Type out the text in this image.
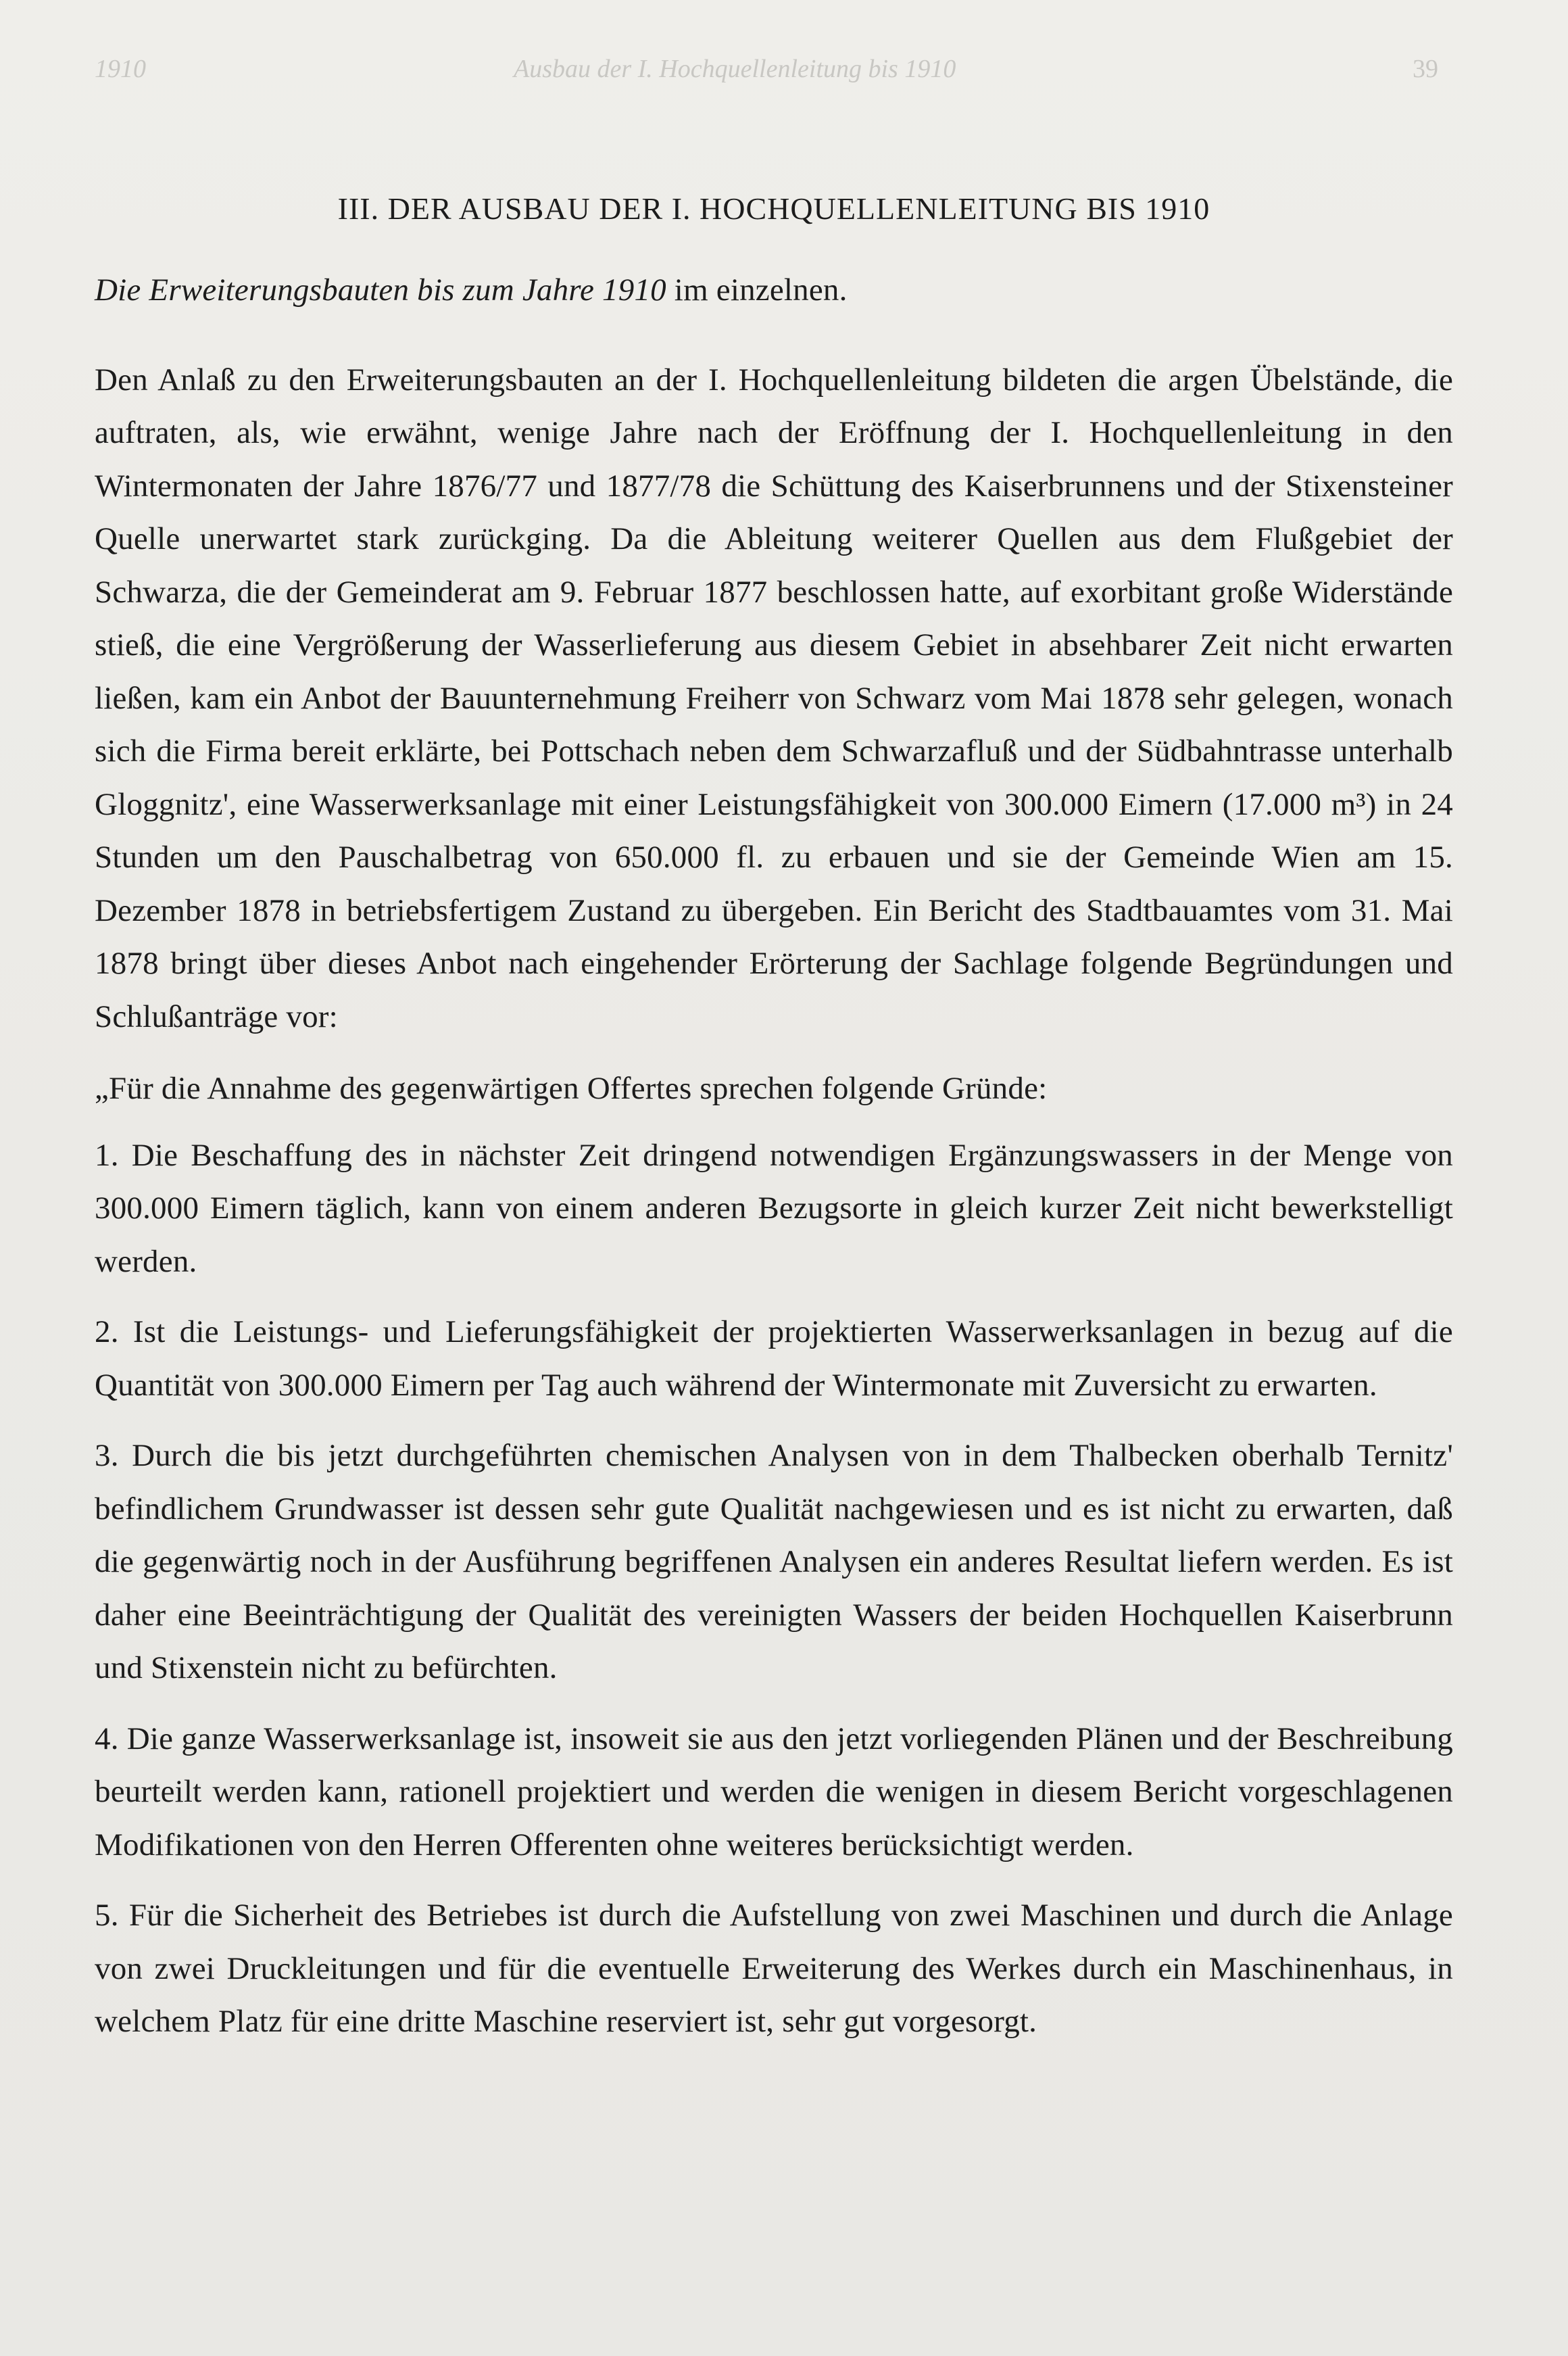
1910	Ausbau der I. Hochquellenleitung bis 1910	39
III. DER AUSBAU DER I. HOCHQUELLENLEITUNG BIS 1910

Die Erweiterungsbauten bis zum Jahre 1910 im einzelnen.

Den Anlaß zu den Erweiterungsbauten an der I. Hochquellenleitung bildeten die argen Übelstände, die auftraten, als, wie erwähnt, wenige Jahre nach der Eröffnung der I. Hochquellenleitung in den Wintermonaten der Jahre 1876/77 und 1877/78 die Schüttung des Kaiserbrunnens und der Stixensteiner Quelle unerwartet stark zurückging. Da die Ableitung weiterer Quellen aus dem Flußgebiet der Schwarza, die der Gemeinderat am 9. Februar 1877 beschlossen hatte, auf exorbitant große Widerstände stieß, die eine Vergrößerung der Wasserlieferung aus diesem Gebiet in absehbarer Zeit nicht erwarten ließen, kam ein Anbot der Bauunternehmung Freiherr von Schwarz vom Mai 1878 sehr gelegen, wonach sich die Firma bereit erklärte, bei Pottschach neben dem Schwarzafluß und der Südbahntrasse unterhalb Gloggnitz', eine Wasserwerksanlage mit einer Leistungsfähigkeit von 300.000 Eimern (17.000 m³) in 24 Stunden um den Pauschalbetrag von 650.000 fl. zu erbauen und sie der Gemeinde Wien am 15. Dezember 1878 in betriebsfertigem Zustand zu übergeben. Ein Bericht des Stadtbauamtes vom 31. Mai 1878 bringt über dieses Anbot nach eingehender Erörterung der Sachlage folgende Begründungen und Schlußanträge vor:

„Für die Annahme des gegenwärtigen Offertes sprechen folgende Gründe:

1. Die Beschaffung des in nächster Zeit dringend notwendigen Ergänzungswassers in der Menge von 300.000 Eimern täglich, kann von einem anderen Bezugsorte in gleich kurzer Zeit nicht bewerkstelligt werden.

2. Ist die Leistungs- und Lieferungsfähigkeit der projektierten Wasserwerksanlagen in bezug auf die Quantität von 300.000 Eimern per Tag auch während der Wintermonate mit Zuversicht zu erwarten.

3. Durch die bis jetzt durchgeführten chemischen Analysen von in dem Thalbecken oberhalb Ternitz' befindlichem Grundwasser ist dessen sehr gute Qualität nachgewiesen und es ist nicht zu erwarten, daß die gegenwärtig noch in der Ausführung begriffenen Analysen ein anderes Resultat liefern werden. Es ist daher eine Beeinträchtigung der Qualität des vereinigten Wassers der beiden Hochquellen Kaiserbrunn und Stixenstein nicht zu befürchten.

4. Die ganze Wasserwerksanlage ist, insoweit sie aus den jetzt vorliegenden Plänen und der Beschreibung beurteilt werden kann, rationell projektiert und werden die wenigen in diesem Bericht vorgeschlagenen Modifikationen von den Herren Offerenten ohne weiteres berücksichtigt werden.

5. Für die Sicherheit des Betriebes ist durch die Aufstellung von zwei Maschinen und durch die Anlage von zwei Druckleitungen und für die eventuelle Erweiterung des Werkes durch ein Maschinenhaus, in welchem Platz für eine dritte Maschine reserviert ist, sehr gut vorgesorgt.
